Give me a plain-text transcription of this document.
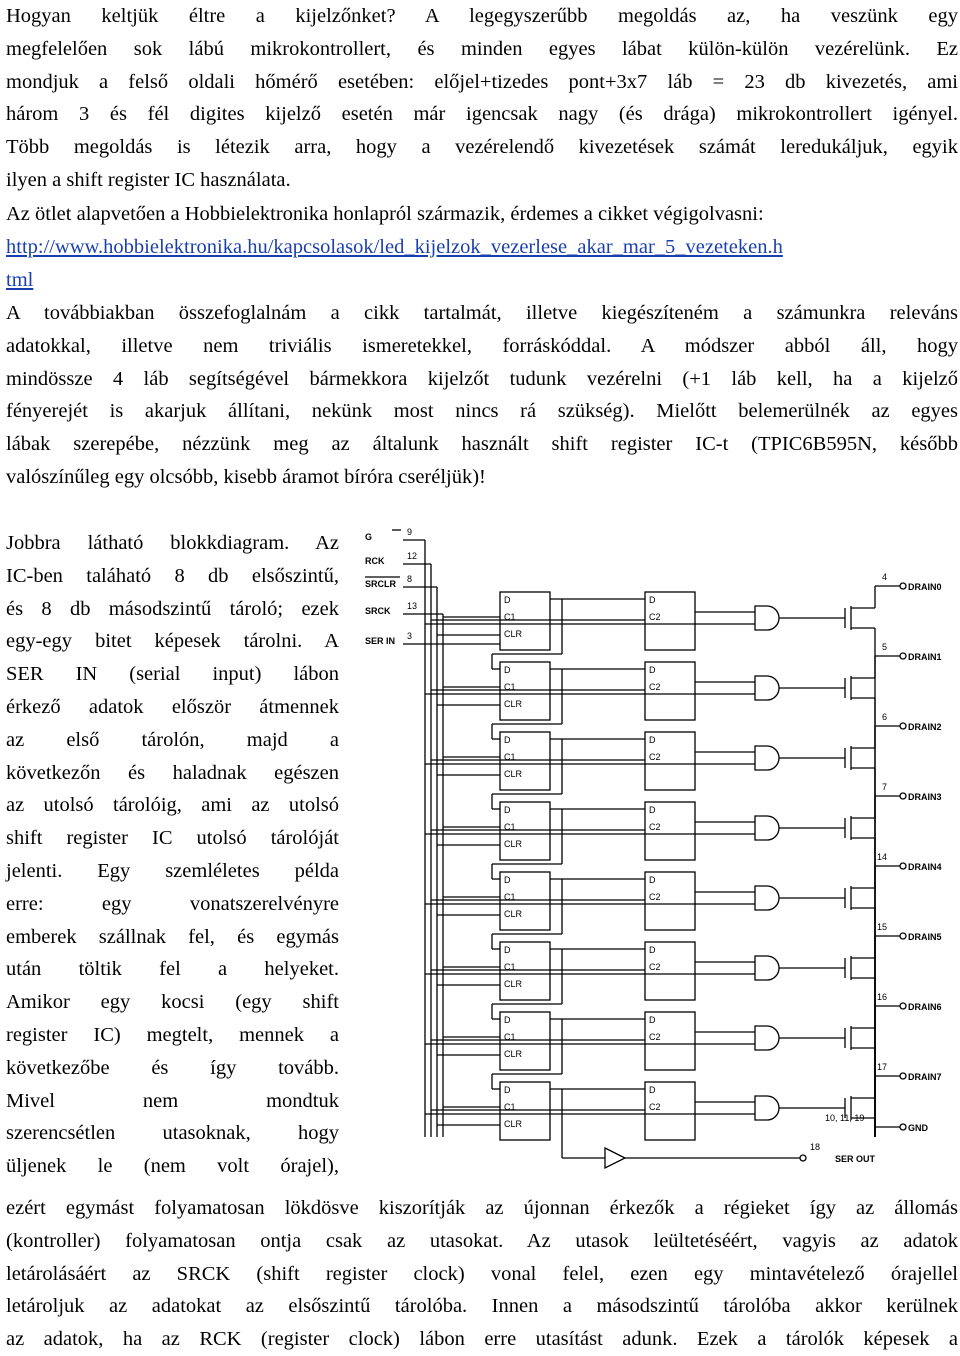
Hogyan keltjük éltre a kijelzőnket? A legegyszerűbb megoldás az, ha veszünk egy
megfelelően sok lábú mikrokontrollert, és minden egyes lábat külön-külön vezérelünk. Ez
mondjuk a felső oldali hőmérő esetében: előjel+tizedes pont+3x7 láb = 23 db kivezetés, ami
három 3 és fél digites kijelző esetén már igencsak nagy (és drága) mikrokontrollert igényel.
Több megoldás is létezik arra, hogy a vezérelendő kivezetések számát leredukáljuk, egyik
ilyen a shift register IC használata.

Az ötlet alapvetően a Hobbielektronika honlapról származik, érdemes a cikket végigolvasni:
http://www.hobbielektronika.hu/kapcsolasok/led_kijelzok_vezerlese_akar_mar_5_vezeteken.h
tml

A továbbiakban összefoglalnám a cikk tartalmát, illetve kiegészíteném a számunkra releváns
adatokkal, illetve nem triviális ismeretekkel, forráskóddal. A módszer abból áll, hogy
mindössze 4 láb segítségével bármekkora kijelzőt tudunk vezérelni (+1 láb kell, ha a kijelző
fényerejét is akarjuk állítani, nekünk most nincs rá szükség). Mielőtt belemerülnék az egyes
lábak szerepébe, nézzünk meg az általunk használt shift register IC-t (TPIC6B595N, később
valószínűleg egy olcsóbb, kisebb áramot bíróra cseréljük)!

Jobbra látható blokkdiagram. Az
IC-ben taláható 8 db elsőszintű,
és 8 db másodszintű tároló; ezek
egy-egy bitet képesek tárolni. A
SER IN (serial input) lábon
érkező adatok először átmennek
az első tárolón, majd a
következőn és haladnak egészen
az utolsó tárolóig, ami az utolsó
shift register IC utolsó tárolóját
jelenti. Egy szemléletes példa
erre: egy vonatszerelvényre
emberek szállnak fel, és egymás
után töltik fel a helyeket.
Amikor egy kocsi (egy shift
register IC) megtelt, mennek a
következőbe és így tovább.
Mivel nem mondtuk
szerencsétlen utasoknak, hogy
üljenek le (nem volt órajel),

G	9
RCK	12
SRCLR 8
SRCK 13
SER IN 3
D
C1
CLR
D
C2
DRAIN0
4
D
C1
CLR
D
C2
DRAIN1
5
D
C1
CLR
D
C2
DRAIN2
6
D
C1
CLR
D
C2
DRAIN3
7
D
C1
CLR
D
C2
DRAIN4
14
D
C1
CLR
D
C2
DRAIN5
15
D
C1
CLR
D
C2
DRAIN6
16
D
C1
CLR
D
C2
DRAIN7
17
GND
10, 11, 19
SER OUT
18

ezért egymást folyamatosan lökdösve kiszorítják az újonnan érkezők a régieket így az állomás
(kontroller) folyamatosan ontja csak az utasokat. Az utasok leültetéséért, vagyis az adatok
letárolásáért az SRCK (shift register clock) vonal felel, ezen egy mintavételező órajellel
letároljuk az adatokat az elsőszintű tárolóba. Innen a másodszintű tárolóba akkor kerülnek
az adatok, ha az RCK (register clock) lábon erre utasítást adunk. Ezek a tárolók képesek a
